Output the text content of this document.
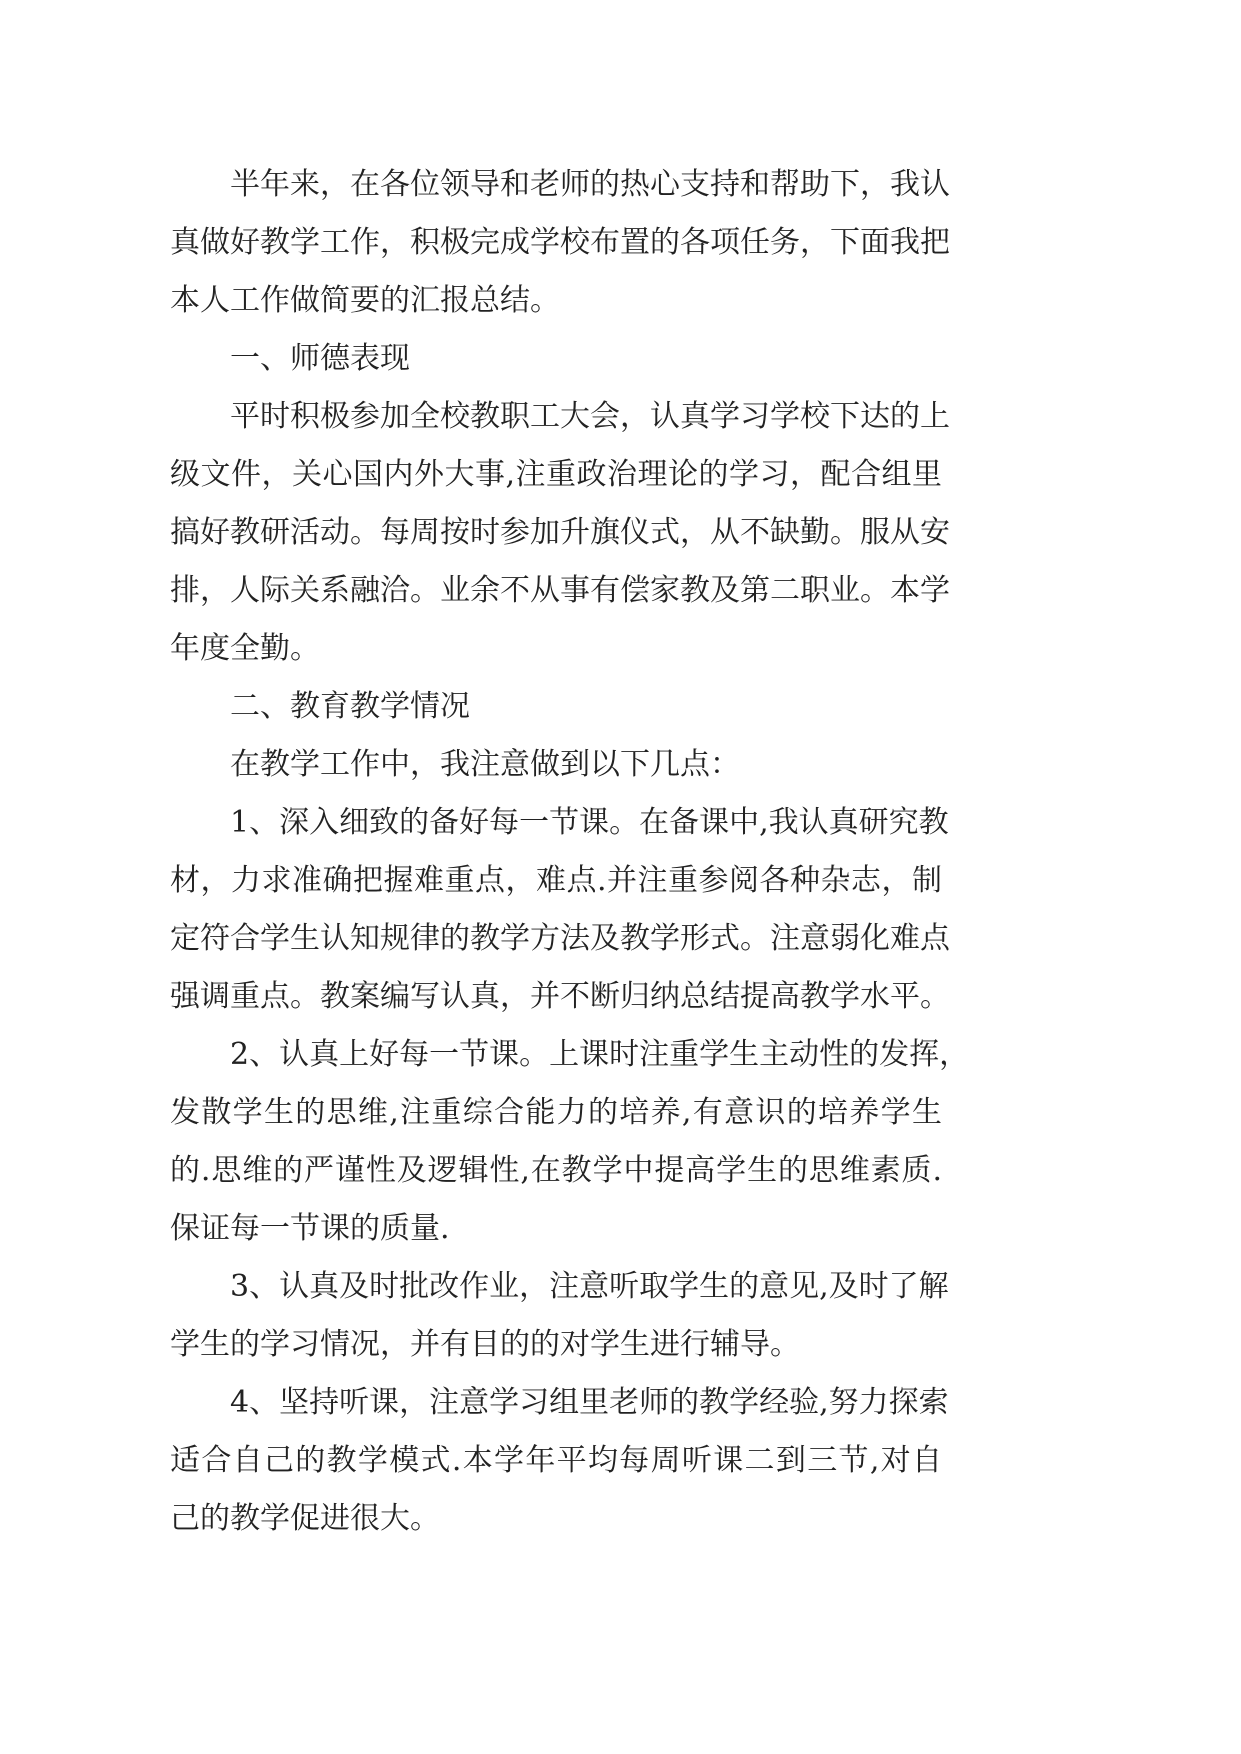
半年来，在各位领导和老师的热心支持和帮助下，我认
真做好教学工作，积极完成学校布置的各项任务，下面我把
本人工作做简要的汇报总结。
一、师德表现
平时积极参加全校教职工大会，认真学习学校下达的上
级文件，关心国内外大事,注重政治理论的学习，配合组里
搞好教研活动。每周按时参加升旗仪式，从不缺勤。服从安
排，人际关系融洽。业余不从事有偿家教及第二职业。本学
年度全勤。
二、教育教学情况
在教学工作中，我注意做到以下几点：
1、深入细致的备好每一节课。在备课中,我认真研究教
材，力求准确把握难重点，难点.并注重参阅各种杂志，制
定符合学生认知规律的教学方法及教学形式。注意弱化难点
强调重点。教案编写认真，并不断归纳总结提高教学水平。
2、认真上好每一节课。上课时注重学生主动性的发挥，
发散学生的思维,注重综合能力的培养,有意识的培养学生
的.思维的严谨性及逻辑性,在教学中提高学生的思维素质.
保证每一节课的质量.
3、认真及时批改作业，注意听取学生的意见,及时了解
学生的学习情况，并有目的的对学生进行辅导。
4、坚持听课，注意学习组里老师的教学经验,努力探索
适合自己的教学模式.本学年平均每周听课二到三节,对自
己的教学促进很大。
